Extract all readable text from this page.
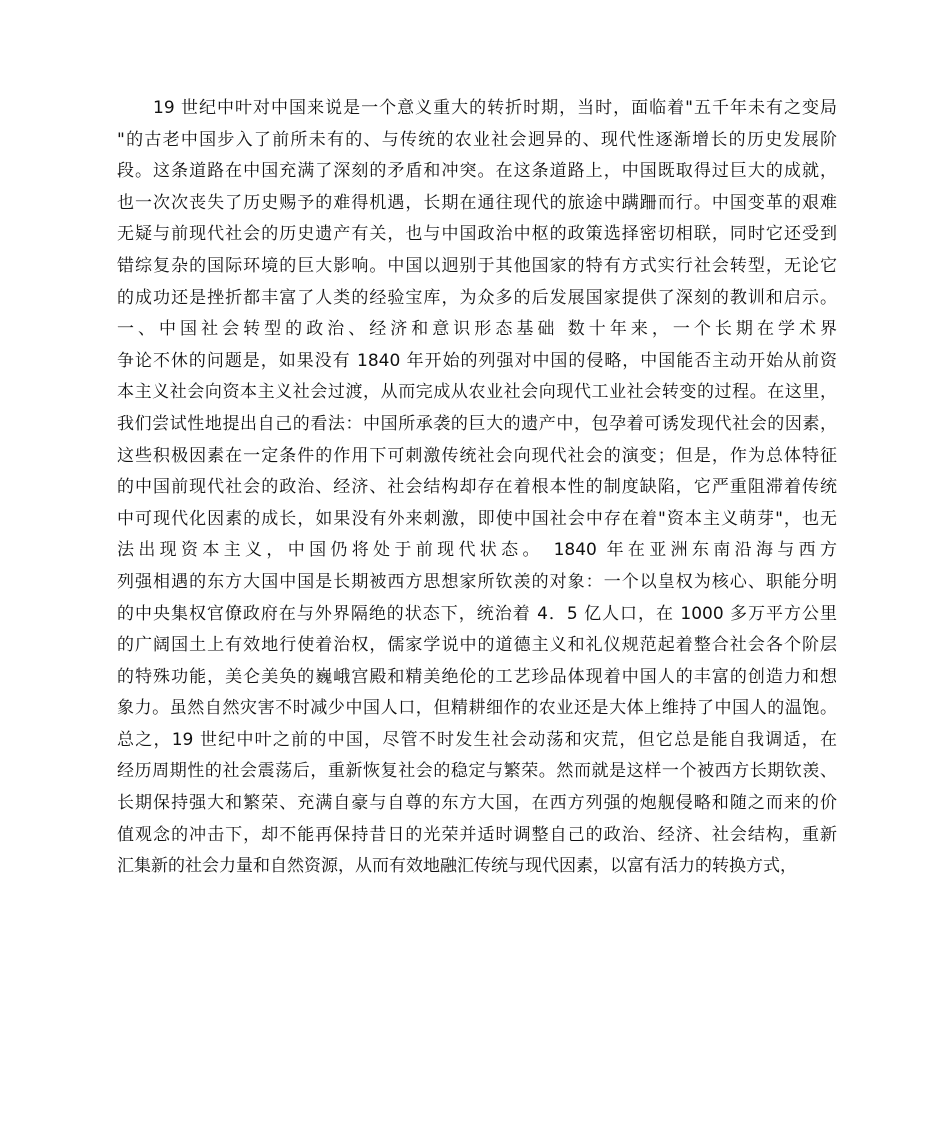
19 世纪中叶对中国来说是一个意义重大的转折时期，当时，面临着"五千年未有之变局
"的古老中国步入了前所未有的、与传统的农业社会迥异的、现代性逐渐增长的历史发展阶
段。这条道路在中国充满了深刻的矛盾和冲突。在这条道路上，中国既取得过巨大的成就，
也一次次丧失了历史赐予的难得机遇，长期在通往现代的旅途中蹒跚而行。中国变革的艰难
无疑与前现代社会的历史遗产有关，也与中国政治中枢的政策选择密切相联，同时它还受到
错综复杂的国际环境的巨大影响。中国以迥别于其他国家的特有方式实行社会转型，无论它
的成功还是挫折都丰富了人类的经验宝库，为众多的后发展国家提供了深刻的教训和启示。
一、中国社会转型的政治、经济和意识形态基础 数十年来，一个长期在学术界
争论不休的问题是，如果没有 1840 年开始的列强对中国的侵略，中国能否主动开始从前资
本主义社会向资本主义社会过渡，从而完成从农业社会向现代工业社会转变的过程。在这里，
我们尝试性地提出自己的看法：中国所承袭的巨大的遗产中，包孕着可诱发现代社会的因素，
这些积极因素在一定条件的作用下可刺激传统社会向现代社会的演变；但是，作为总体特征
的中国前现代社会的政治、经济、社会结构却存在着根本性的制度缺陷，它严重阻滞着传统
中可现代化因素的成长，如果没有外来刺激，即使中国社会中存在着"资本主义萌芽"，也无
法出现资本主义，中国仍将处于前现代状态。 1840 年在亚洲东南沿海与西方
列强相遇的东方大国中国是长期被西方思想家所钦羡的对象：一个以皇权为核心、职能分明
的中央集权官僚政府在与外界隔绝的状态下，统治着 4．5 亿人口，在 1000 多万平方公里
的广阔国土上有效地行使着治权，儒家学说中的道德主义和礼仪规范起着整合社会各个阶层
的特殊功能，美仑美奂的巍峨宫殿和精美绝伦的工艺珍品体现着中国人的丰富的创造力和想
象力。虽然自然灾害不时减少中国人口，但精耕细作的农业还是大体上维持了中国人的温饱。
总之，19 世纪中叶之前的中国，尽管不时发生社会动荡和灾荒，但它总是能自我调适，在
经历周期性的社会震荡后，重新恢复社会的稳定与繁荣。然而就是这样一个被西方长期钦羡、
长期保持强大和繁荣、充满自豪与自尊的东方大国，在西方列强的炮舰侵略和随之而来的价
值观念的冲击下，却不能再保持昔日的光荣并适时调整自己的政治、经济、社会结构，重新
汇集新的社会力量和自然资源，从而有效地融汇传统与现代因素，以富有活力的转换方式，
